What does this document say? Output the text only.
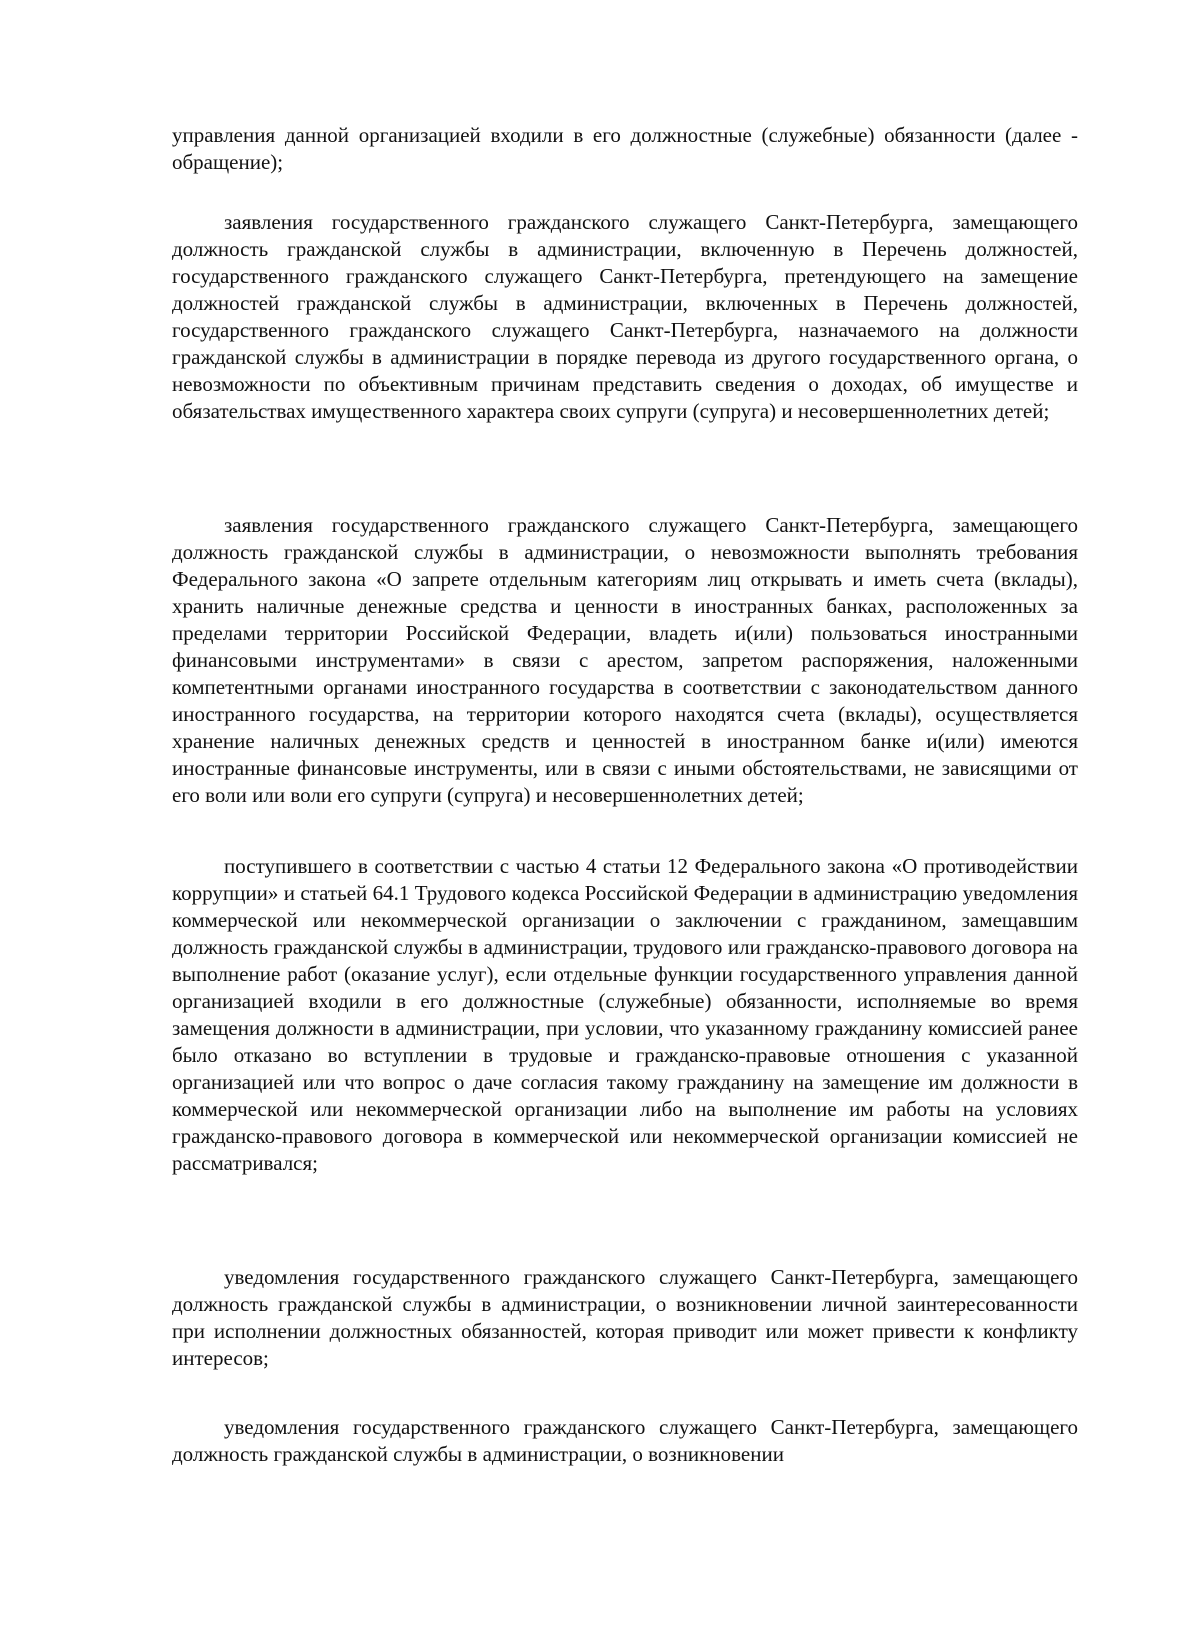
управления данной организацией входили в его должностные (служебные) обязанности (далее - обращение);

заявления государственного гражданского служащего Санкт-Петербурга, замещающего должность гражданской службы в администрации, включенную в Перечень должностей, государственного гражданского служащего Санкт-Петербурга, претендующего на замещение должностей гражданской службы в администрации, включенных в Перечень должностей, государственного гражданского служащего Санкт-Петербурга, назначаемого на должности гражданской службы в администрации в порядке перевода из другого государственного органа, о невозможности по объективным причинам представить сведения о доходах, об имуществе и обязательствах имущественного характера своих супруги (супруга) и несовершеннолетних детей;

заявления государственного гражданского служащего Санкт-Петербурга, замещающего должность гражданской службы в администрации, о невозможности выполнять требования Федерального закона «О запрете отдельным категориям лиц открывать и иметь счета (вклады), хранить наличные денежные средства и ценности в иностранных банках, расположенных за пределами территории Российской Федерации, владеть и(или) пользоваться иностранными финансовыми инструментами» в связи с арестом, запретом распоряжения, наложенными компетентными органами иностранного государства в соответствии с законодательством данного иностранного государства, на территории которого находятся счета (вклады), осуществляется хранение наличных денежных средств и ценностей в иностранном банке и(или) имеются иностранные финансовые инструменты, или в связи с иными обстоятельствами, не зависящими от его воли или воли его супруги (супруга) и несовершеннолетних детей;

поступившего в соответствии с частью 4 статьи 12 Федерального закона «О противодействии коррупции» и статьей 64.1 Трудового кодекса Российской Федерации в администрацию уведомления коммерческой или некоммерческой организации о заключении с гражданином, замещавшим должность гражданской службы в администрации, трудового или гражданско-правового договора на выполнение работ (оказание услуг), если отдельные функции государственного управления данной организацией входили в его должностные (служебные) обязанности, исполняемые во время замещения должности в администрации, при условии, что указанному гражданину комиссией ранее было отказано во вступлении в трудовые и гражданско-правовые отношения с указанной организацией или что вопрос о даче согласия такому гражданину на замещение им должности в коммерческой или некоммерческой организации либо на выполнение им работы на условиях гражданско-правового договора в коммерческой или некоммерческой организации комиссией не рассматривался;

уведомления государственного гражданского служащего Санкт-Петербурга, замещающего должность гражданской службы в администрации, о возникновении личной заинтересованности при исполнении должностных обязанностей, которая приводит или может привести к конфликту интересов;

уведомления государственного гражданского служащего Санкт-Петербурга, замещающего должность гражданской службы в администрации, о возникновении
